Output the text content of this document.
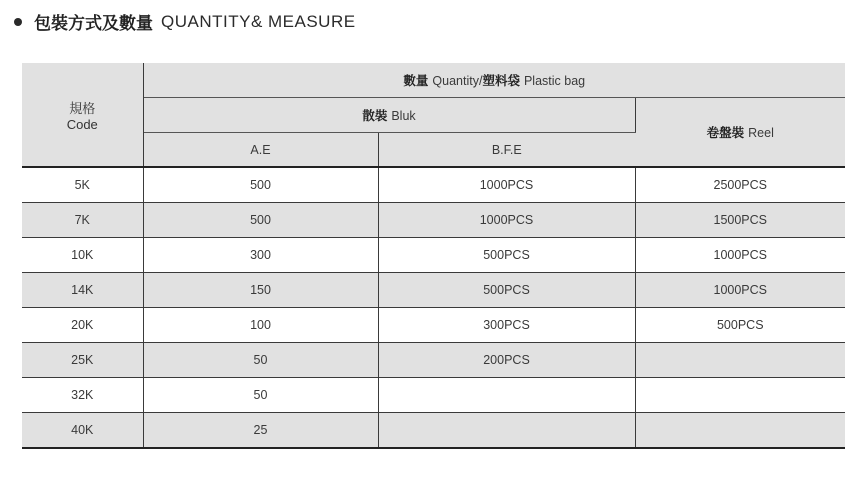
包裝方式及數量 QUANTITY& MEASURE
規格
Code	數量 Quantity/塑料袋 Plastic bag		
	散裝 Bluk		卷盤裝 Reel
	A.E	B.F.E	
5K	500	1000PCS	2500PCS
7K	500	1000PCS	1500PCS
10K	300	500PCS	1000PCS
14K	150	500PCS	1000PCS
20K	100	300PCS	500PCS
25K	50	200PCS	
32K	50		
40K	25		
